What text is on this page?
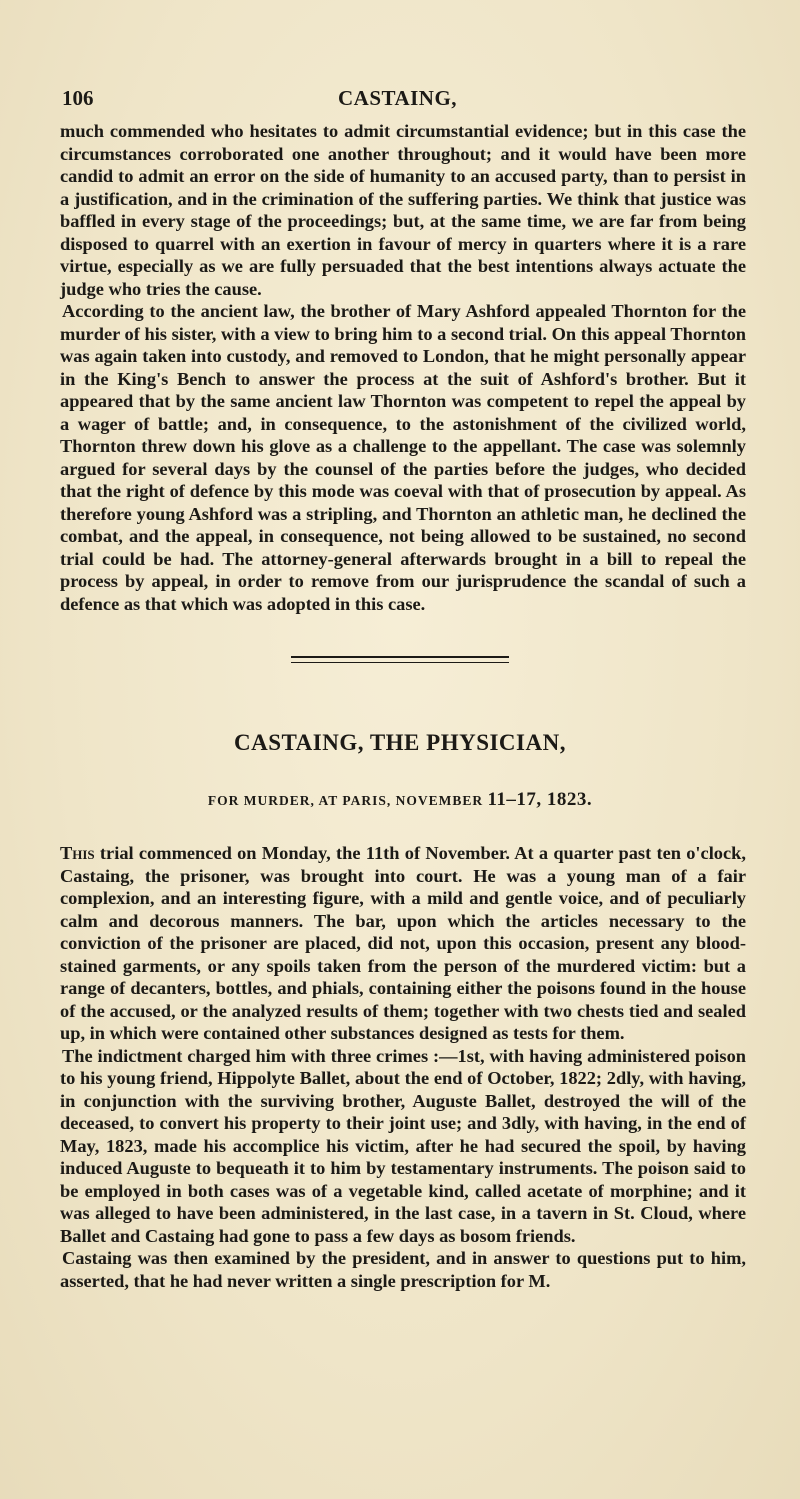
106	CASTAING,

much commended who hesitates to admit circumstantial evidence; but in this case the circumstances corroborated one another throughout; and it would have been more candid to admit an error on the side of humanity to an accused party, than to persist in a justification, and in the crimination of the suffering parties. We think that justice was baffled in every stage of the proceedings; but, at the same time, we are far from being disposed to quarrel with an exertion in favour of mercy in quarters where it is a rare virtue, especially as we are fully persuaded that the best intentions always actuate the judge who tries the cause.

According to the ancient law, the brother of Mary Ashford appealed Thornton for the murder of his sister, with a view to bring him to a second trial. On this appeal Thornton was again taken into custody, and removed to London, that he might personally appear in the King's Bench to answer the process at the suit of Ashford's brother. But it appeared that by the same ancient law Thornton was competent to repel the appeal by a wager of battle; and, in consequence, to the astonishment of the civilized world, Thornton threw down his glove as a challenge to the appellant. The case was solemnly argued for several days by the counsel of the parties before the judges, who decided that the right of defence by this mode was coeval with that of prosecution by appeal. As therefore young Ashford was a stripling, and Thornton an athletic man, he declined the combat, and the appeal, in consequence, not being allowed to be sustained, no second trial could be had. The attorney-general afterwards brought in a bill to repeal the process by appeal, in order to remove from our jurisprudence the scandal of such a defence as that which was adopted in this case.

CASTAING, THE PHYSICIAN,
FOR MURDER, AT PARIS, NOVEMBER 11–17, 1823.

This trial commenced on Monday, the 11th of November. At a quarter past ten o'clock, Castaing, the prisoner, was brought into court. He was a young man of a fair complexion, and an interesting figure, with a mild and gentle voice, and of peculiarly calm and decorous manners. The bar, upon which the articles necessary to the conviction of the prisoner are placed, did not, upon this occasion, present any blood-stained garments, or any spoils taken from the person of the murdered victim: but a range of decanters, bottles, and phials, containing either the poisons found in the house of the accused, or the analyzed results of them; together with two chests tied and sealed up, in which were contained other substances designed as tests for them.

The indictment charged him with three crimes :—1st, with having administered poison to his young friend, Hippolyte Ballet, about the end of October, 1822; 2dly, with having, in conjunction with the surviving brother, Auguste Ballet, destroyed the will of the deceased, to convert his property to their joint use; and 3dly, with having, in the end of May, 1823, made his accomplice his victim, after he had secured the spoil, by having induced Auguste to bequeath it to him by testamentary instruments. The poison said to be employed in both cases was of a vegetable kind, called acetate of morphine; and it was alleged to have been administered, in the last case, in a tavern in St. Cloud, where Ballet and Castaing had gone to pass a few days as bosom friends.

Castaing was then examined by the president, and in answer to questions put to him, asserted, that he had never written a single prescription for M.
